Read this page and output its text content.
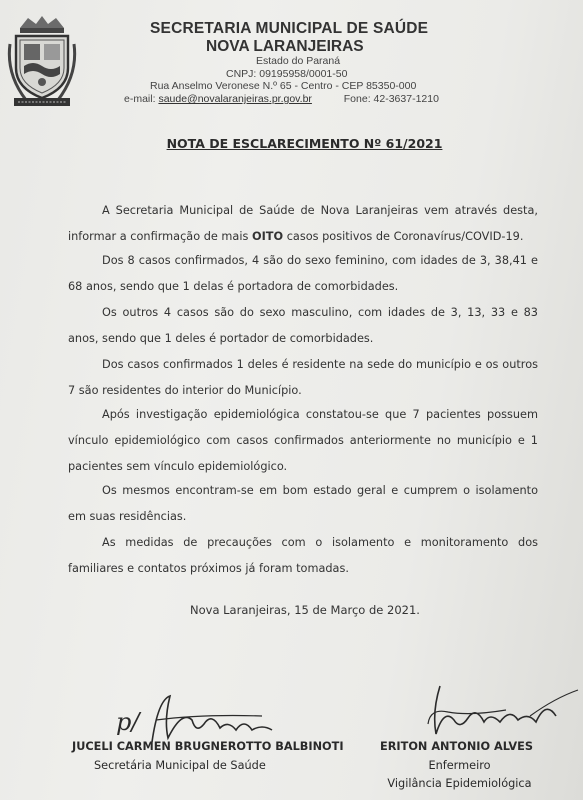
SECRETARIA MUNICIPAL DE SAÚDE
NOVA LARANJEIRAS
Estado do Paraná
CNPJ: 09195958/0001-50
Rua Anselmo Veronese N.º 65 - Centro - CEP 85350-000
e-mail: saude@novalaranjeiras.pr.gov.br	Fone: 42-3637-1210
NOTA DE ESCLARECIMENTO Nº 61/2021

A Secretaria Municipal de Saúde de Nova Laranjeiras vem através desta, informar a confirmação de mais OITO casos positivos de Coronavírus/COVID-19.

Dos 8 casos confirmados, 4 são do sexo feminino, com idades de 3, 38,41 e 68 anos, sendo que 1 delas é portadora de comorbidades.

Os outros 4 casos são do sexo masculino, com idades de 3, 13, 33 e 83 anos, sendo que 1 deles é portador de comorbidades.

Dos casos confirmados 1 deles é residente na sede do município e os outros 7 são residentes do interior do Município.

Após investigação epidemiológica constatou-se que 7 pacientes possuem vínculo epidemiológico com casos confirmados anteriormente no município e 1 pacientes sem vínculo epidemiológico.

Os mesmos encontram-se em bom estado geral e cumprem o isolamento em suas residências.

As medidas de precauções com o isolamento e monitoramento dos familiares e contatos próximos já foram tomadas.

Nova Laranjeiras, 15 de Março de 2021.
p/
JUCELI CARMEN BRUGNEROTTO BALBINOTI
Secretária Municipal de Saúde
ERITON ANTONIO ALVES
Enfermeiro
Vigilância Epidemiológica
